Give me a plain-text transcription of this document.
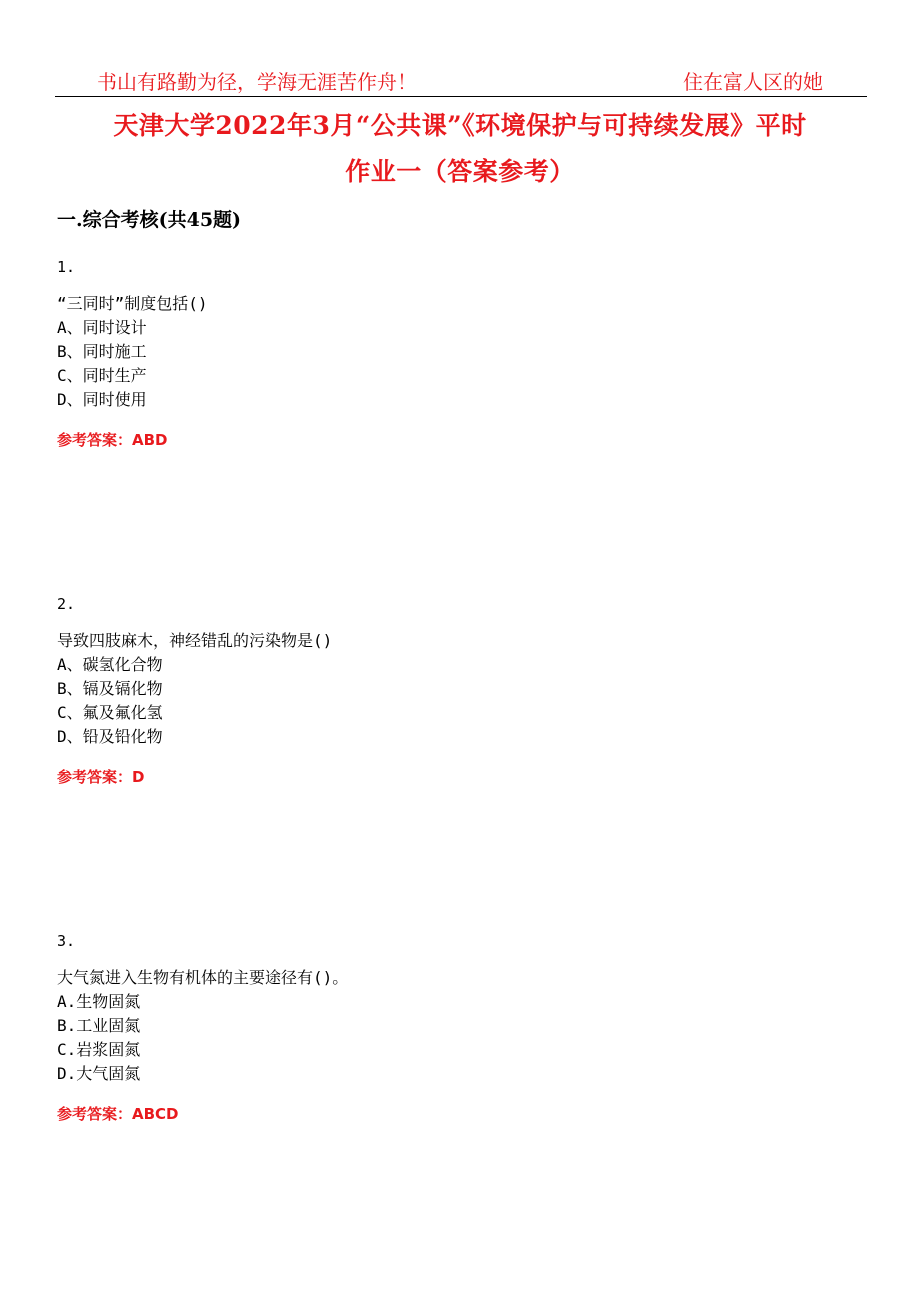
书山有路勤为径，学海无涯苦作舟！	住在富人区的她
天津大学2022年3月“公共课”《环境保护与可持续发展》平时
作业一（答案参考）
一.综合考核(共45题)
1.
“三同时”制度包括()
A、同时设计
B、同时施工
C、同时生产
D、同时使用
参考答案：ABD
2.
导致四肢麻木，神经错乱的污染物是()
A、碳氢化合物
B、镉及镉化物
C、氟及氟化氢
D、铅及铅化物
参考答案：D
3.
大气氮进入生物有机体的主要途径有()。
A.生物固氮
B.工业固氮
C.岩浆固氮
D.大气固氮
参考答案：ABCD
